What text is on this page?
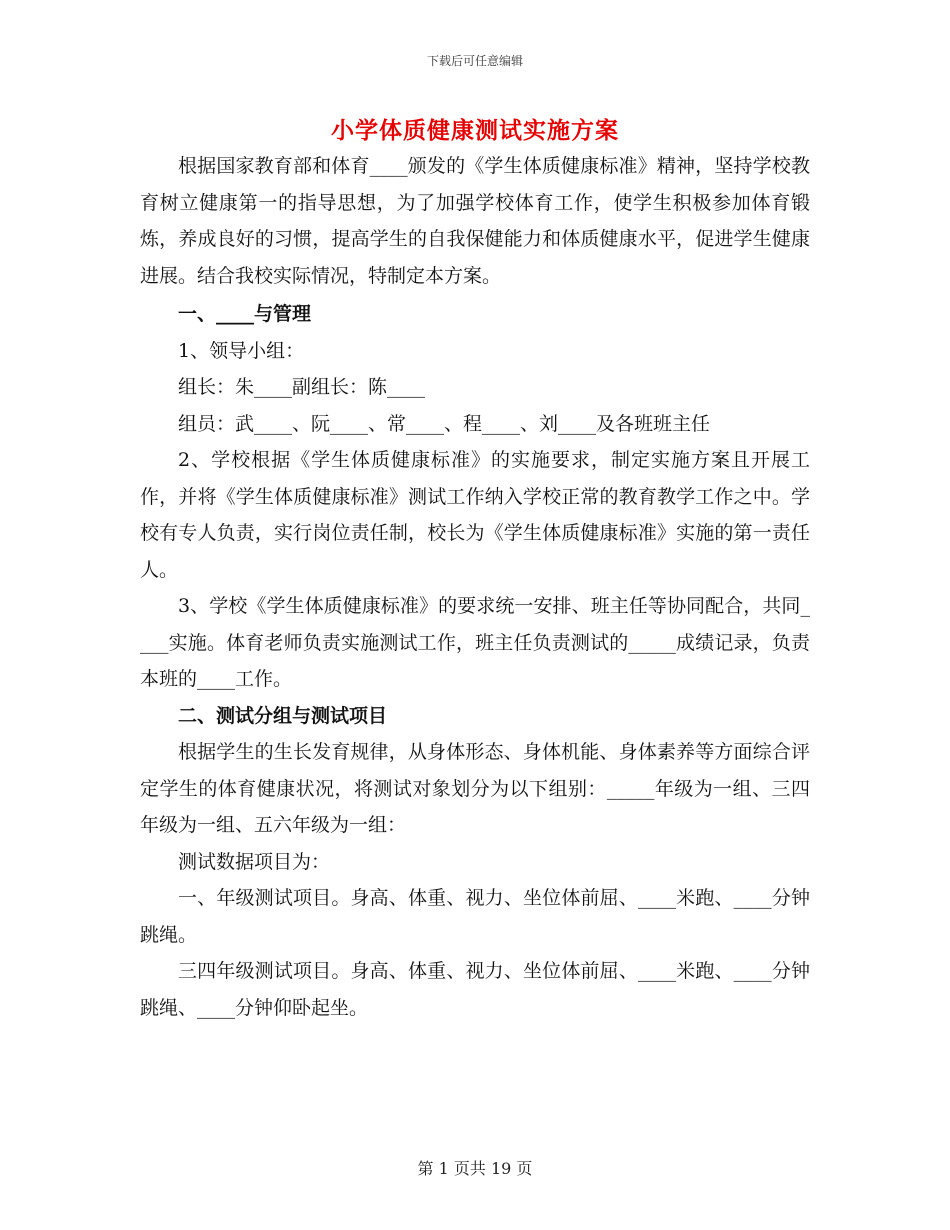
下载后可任意编辑
小学体质健康测试实施方案

根据国家教育部和体育____颁发的《学生体质健康标准》精神，坚持学校教育树立健康第一的指导思想，为了加强学校体育工作，使学生积极参加体育锻炼，养成良好的习惯，提高学生的自我保健能力和体质健康水平，促进学生健康进展。结合我校实际情况，特制定本方案。

一、____与管理

1、领导小组：

组长：朱____副组长：陈____

组员：武____、阮____、常____、程____、刘____及各班班主任

2、学校根据《学生体质健康标准》的实施要求，制定实施方案且开展工作，并将《学生体质健康标准》测试工作纳入学校正常的教育教学工作之中。学校有专人负责，实行岗位责任制，校长为《学生体质健康标准》实施的第一责任人。

3、学校《学生体质健康标准》的要求统一安排、班主任等协同配合，共同____实施。体育老师负责实施测试工作，班主任负责测试的_____成绩记录，负责本班的____工作。

二、测试分组与测试项目

根据学生的生长发育规律，从身体形态、身体机能、身体素养等方面综合评定学生的体育健康状况，将测试对象划分为以下组别：_____年级为一组、三四年级为一组、五六年级为一组：

测试数据项目为：

一、年级测试项目。身高、体重、视力、坐位体前屈、____米跑、____分钟跳绳。

三四年级测试项目。身高、体重、视力、坐位体前屈、____米跑、____分钟跳绳、____分钟仰卧起坐。

第 1 页共 19 页
